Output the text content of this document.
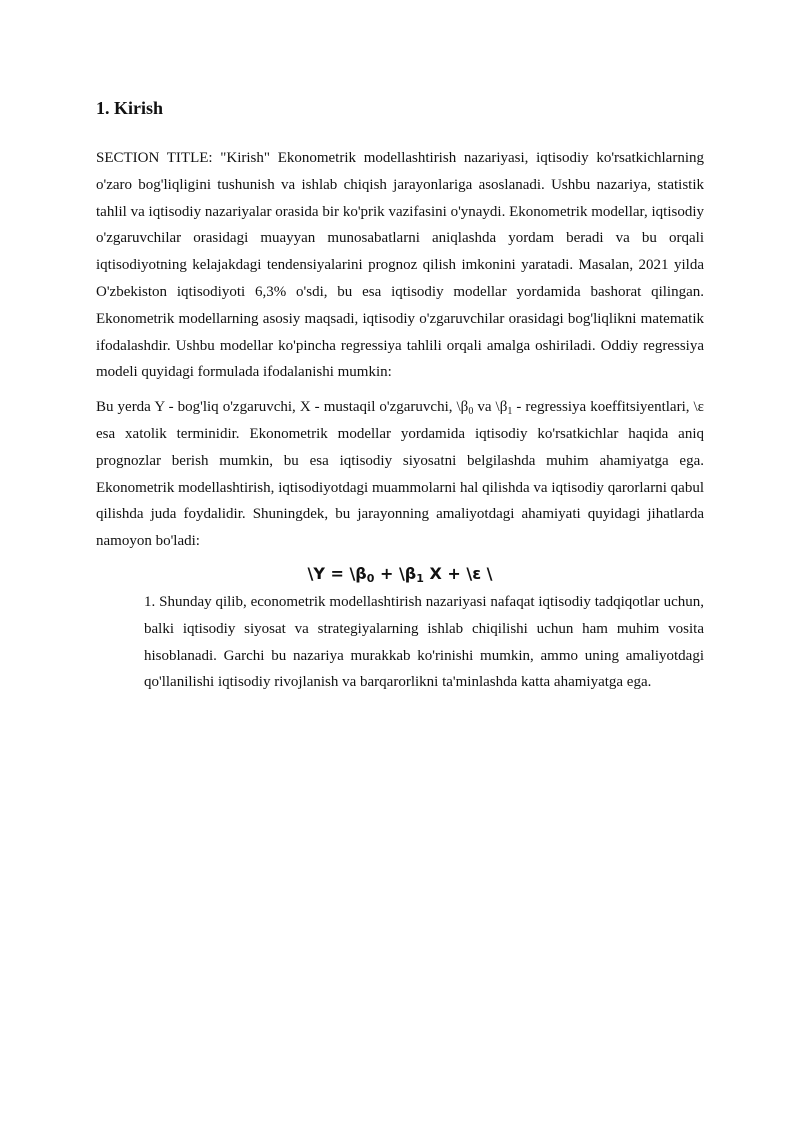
1. Kirish

SECTION TITLE: "Kirish" Ekonometrik modellashtirish nazariyasi, iqtisodiy ko'rsatkichlarning o'zaro bog'liqligini tushunish va ishlab chiqish jarayonlariga asoslanadi. Ushbu nazariya, statistik tahlil va iqtisodiy nazariyalar orasida bir ko'prik vazifasini o'ynaydi. Ekonometrik modellar, iqtisodiy o'zgaruvchilar orasidagi muayyan munosabatlarni aniqlashda yordam beradi va bu orqali iqtisodiyotning kelajakdagi tendensiyalarini prognoz qilish imkonini yaratadi. Masalan, 2021 yilda O'zbekiston iqtisodiyoti 6,3% o'sdi, bu esa iqtisodiy modellar yordamida bashorat qilingan. Ekonometrik modellarning asosiy maqsadi, iqtisodiy o'zgaruvchilar orasidagi bog'liqlikni matematik ifodalashdir. Ushbu modellar ko'pincha regressiya tahlili orqali amalga oshiriladi. Oddiy regressiya modeli quyidagi formulada ifodalanishi mumkin:

Bu yerda Y - bog'liq o'zgaruvchi, X - mustaqil o'zgaruvchi, $\backslash\beta_0$ va $\backslash\beta_1$ - regressiya koeffitsiyentlari, \ε esa xatolik terminidir. Ekonometrik modellar yordamida iqtisodiy ko'rsatkichlar haqida aniq prognozlar berish mumkin, bu esa iqtisodiy siyosatni belgilashda muhim ahamiyatga ega. Ekonometrik modellashtirish, iqtisodiyotdagi muammolarni hal qilishda va iqtisodiy qarorlarni qabul qilishda juda foydalidir. Shuningdek, bu jarayonning amaliyotdagi ahamiyati quyidagi jihatlarda namoyon bo'ladi:

\Y = $\backslash\beta_0$ + $\backslash\beta_1$ X + \ε \

1. Shunday qilib, econometrik modellashtirish nazariyasi nafaqat iqtisodiy tadqiqotlar uchun, balki iqtisodiy siyosat va strategiyalarning ishlab chiqilishi uchun ham muhim vosita hisoblanadi. Garchi bu nazariya murakkab ko'rinishi mumkin, ammo uning amaliyotdagi qo'llanilishi iqtisodiy rivojlanish va barqarorlikni ta'minlashda katta ahamiyatga ega.
